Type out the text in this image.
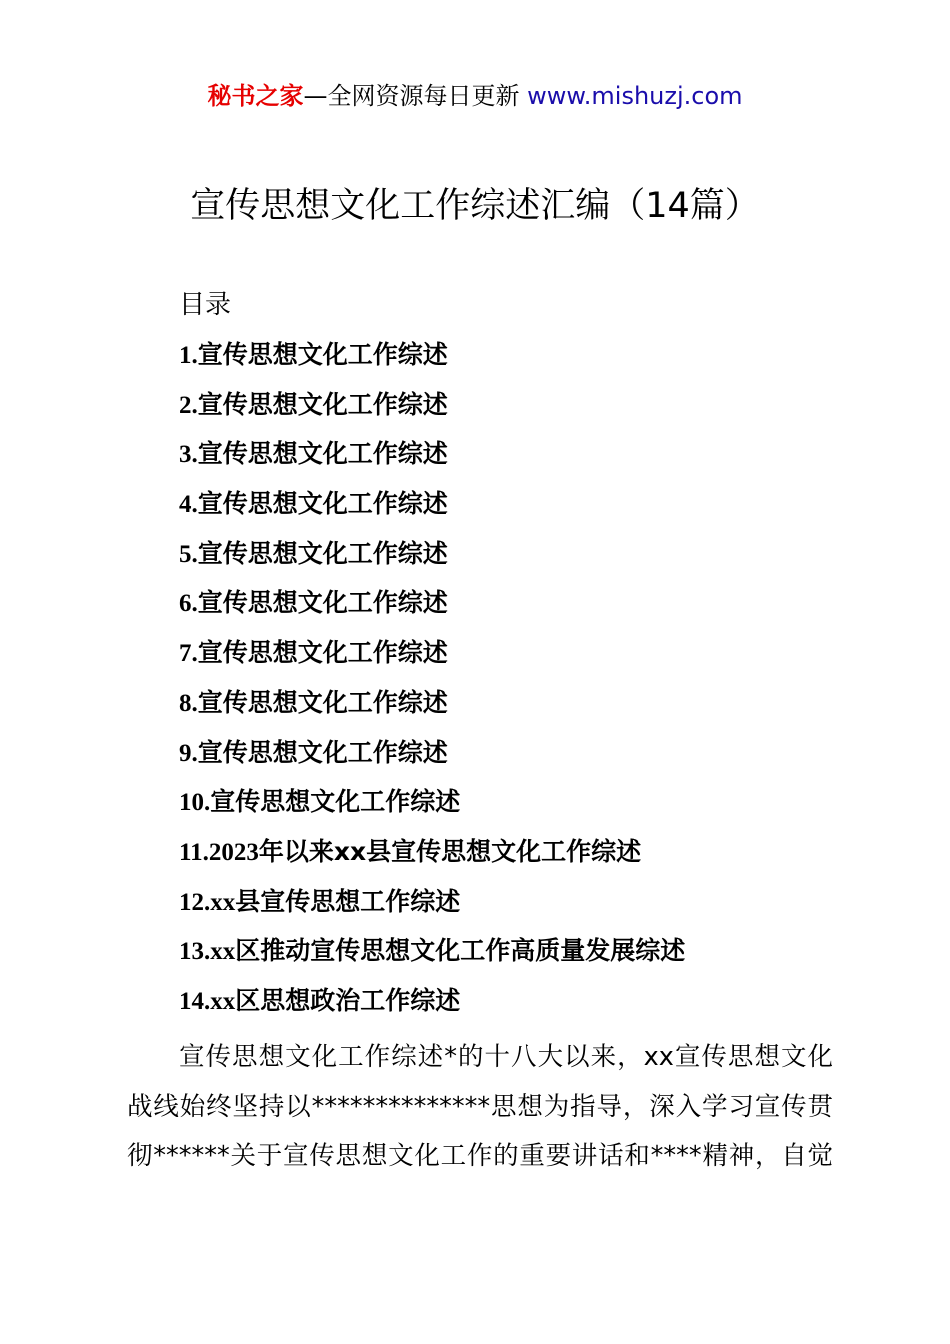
秘书之家—全网资源每日更新 www.mishuzj.com
宣传思想文化工作综述汇编（14篇）
目录
1.宣传思想文化工作综述
2.宣传思想文化工作综述
3.宣传思想文化工作综述
4.宣传思想文化工作综述
5.宣传思想文化工作综述
6.宣传思想文化工作综述
7.宣传思想文化工作综述
8.宣传思想文化工作综述
9.宣传思想文化工作综述
10.宣传思想文化工作综述
11.2023年以来xx县宣传思想文化工作综述
12.xx县宣传思想工作综述
13.xx区推动宣传思想文化工作高质量发展综述
14.xx区思想政治工作综述

宣传思想文化工作综述*的十八大以来，xx宣传思想文化战线始终坚持以**************思想为指导，深入学习宣传贯彻******关于宣传思想文化工作的重要讲话和****精神，自觉
